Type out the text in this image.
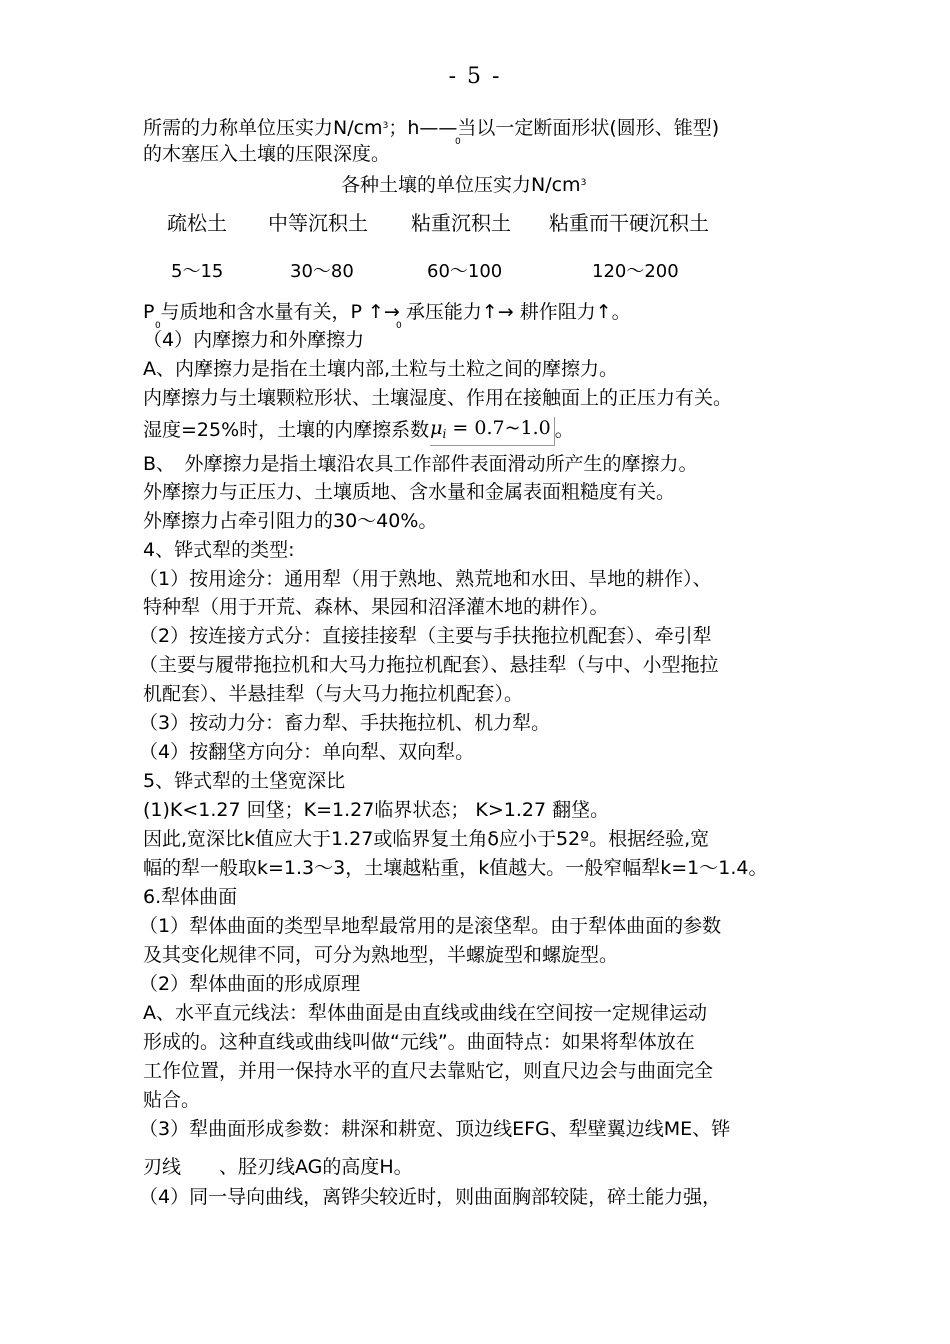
- 5 -
所需的力称单位压实力$N/cm^3$；h——当以一定断面形状(圆形、锥型)
0
的木塞压入土壤的压限深度。
各种土壤的单位压实力$N/cm^3$
疏松土 中等沉积土 粘重沉积土 粘重而干硬沉积土
5～15	30～80	60～100	120～200
P 与质地和含水量有关，P ↑→ 承压能力↑→ 耕作阻力↑。
0	0
（4）内摩擦力和外摩擦力
A、内摩擦力是指在土壤内部,土粒与土粒之间的摩擦力。
内摩擦力与土壤颗粒形状、土壤湿度、作用在接触面上的正压力有关。
湿度=25%时，土壤的内摩擦系数$\mu_i$ = 0.7~1.0 。
B、　外摩擦力是指土壤沿农具工作部件表面滑动所产生的摩擦力。
外摩擦力与正压力、土壤质地、含水量和金属表面粗糙度有关。
外摩擦力占牵引阻力的30～40%。
4、铧式犁的类型:
（1）按用途分：通用犁（用于熟地、熟荒地和水田、旱地的耕作）、
特种犁（用于开荒、森林、果园和沼泽灌木地的耕作）。
（2）按连接方式分：直接挂接犁（主要与手扶拖拉机配套）、牵引犁
（主要与履带拖拉机和大马力拖拉机配套）、悬挂犁（与中、小型拖拉
机配套）、半悬挂犁（与大马力拖拉机配套）。
（3）按动力分：畜力犁、手扶拖拉机、机力犁。
（4）按翻垡方向分：单向犁、双向犁。
5、铧式犁的土垡宽深比
(1)K<1.27 回垡；K=1.27临界状态； K>1.27 翻垡。
因此,宽深比k值应大于1.27或临界复土角δ应小于52º。根据经验,宽
幅的犁一般取k=1.3～3，土壤越粘重，k值越大。一般窄幅犁k=1～1.4。
6.犁体曲面
（1）犁体曲面的类型旱地犁最常用的是滚垡犁。由于犁体曲面的参数
及其变化规律不同，可分为熟地型，半螺旋型和螺旋型。
（2）犁体曲面的形成原理
A、水平直元线法：犁体曲面是由直线或曲线在空间按一定规律运动
形成的。这种直线或曲线叫做“元线”。曲面特点：如果将犁体放在
工作位置，并用一保持水平的直尺去靠贴它，则直尺边会与曲面完全
贴合。
（3）犁曲面形成参数：耕深和耕宽、顶边线EFG、犁壁翼边线ME、铧
刃线　　、胫刃线AG的高度H。
（4）同一导向曲线，离铧尖较近时，则曲面胸部较陡，碎土能力强，
